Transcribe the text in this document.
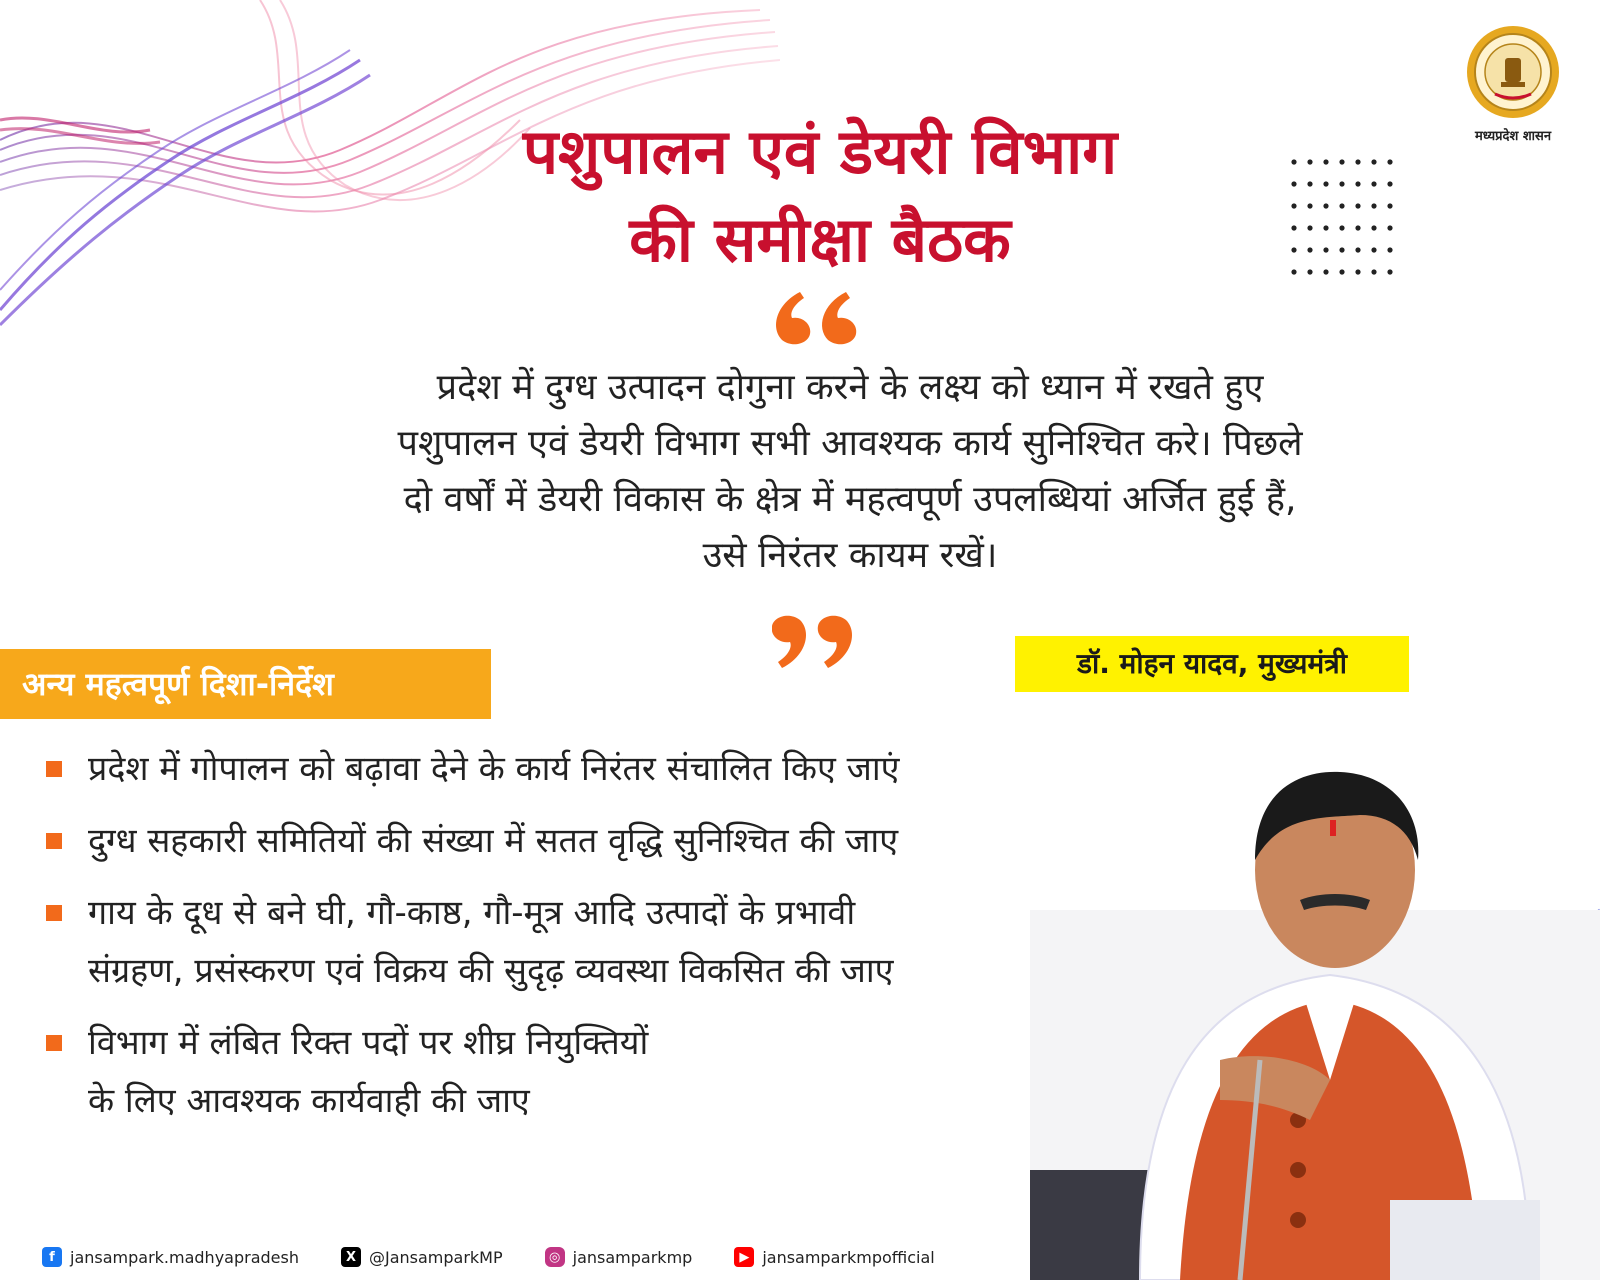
मध्यप्रदेश शासन
पशुपालन एवं डेयरी विभाग
की समीक्षा बैठक
प्रदेश में दुग्ध उत्पादन दोगुना करने के लक्ष्य को ध्यान में रखते हुए
पशुपालन एवं डेयरी विभाग सभी आवश्यक कार्य सुनिश्चित करे। पिछले
दो वर्षों में डेयरी विकास के क्षेत्र में महत्वपूर्ण उपलब्धियां अर्जित हुई हैं,
उसे निरंतर कायम रखें।
डॉ. मोहन यादव, मुख्यमंत्री
अन्य महत्वपूर्ण दिशा-निर्देश
प्रदेश में गोपालन को बढ़ावा देने के कार्य निरंतर संचालित किए जाएं
दुग्ध सहकारी समितियों की संख्या में सतत वृद्धि सुनिश्चित की जाए
गाय के दूध से बने घी, गौ-काष्ठ, गौ-मूत्र आदि उत्पादों के प्रभावी
संग्रहण, प्रसंस्करण एवं विक्रय की सुदृढ़ व्यवस्था विकसित की जाए
विभाग में लंबित रिक्त पदों पर शीघ्र नियुक्तियों
के लिए आवश्यक कार्यवाही की जाए
f jansampark.madhyapradesh	X @JansamparkMP	◎ jansamparkmp	▶ jansamparkmpofficial
